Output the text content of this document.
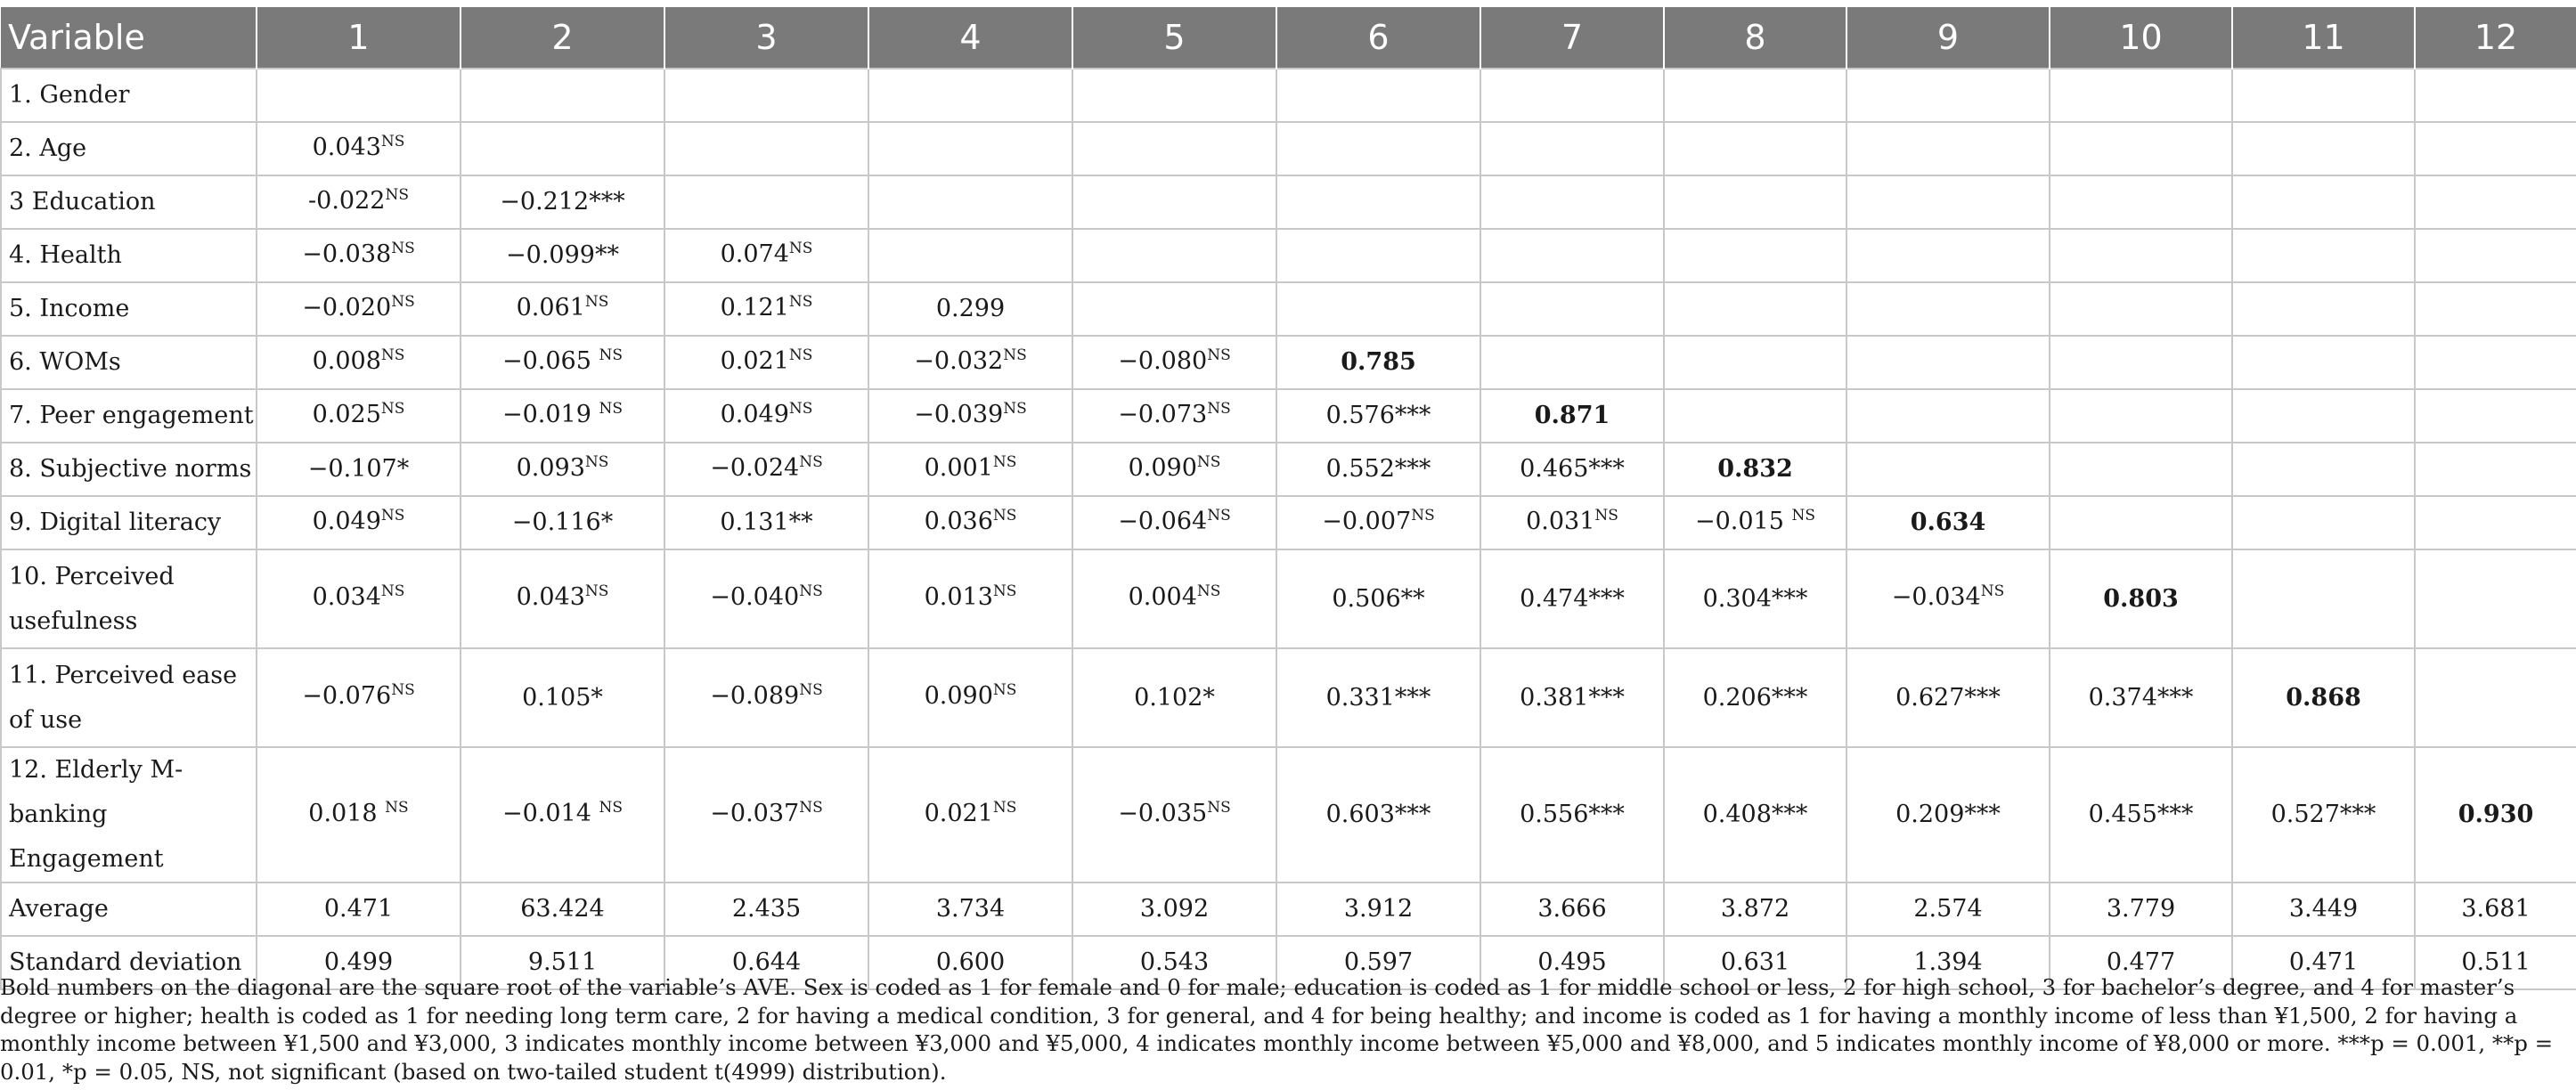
Variable	1	2	3	4	5	6	7	8	9	10	11	12
1. Gender												
2. Age	$0.043^{NS}$											
3 Education	$-0.022^{NS}$	−0.212***										
4. Health	$-0.038^{NS}$	−0.099**	$0.074^{NS}$									
5. Income	$-0.020^{NS}$	$0.061^{NS}$	$0.121^{NS}$	0.299								
6. WOMs	$0.008^{NS}$	−0.065 $^{NS}$	$0.021^{NS}$	$-0.032^{NS}$	$-0.080^{NS}$	0.785						
7. Peer engagement	$0.025^{NS}$	−0.019 $^{NS}$	$0.049^{NS}$	$-0.039^{NS}$	$-0.073^{NS}$	0.576***	0.871					
8. Subjective norms	−0.107*	$0.093^{NS}$	$-0.024^{NS}$	$0.001^{NS}$	$0.090^{NS}$	0.552***	0.465***	0.832				
9. Digital literacy	$0.049^{NS}$	−0.116*	0.131**	$0.036^{NS}$	$-0.064^{NS}$	$-0.007^{NS}$	$0.031^{NS}$	−0.015 $^{NS}$	0.634			
10. Perceived usefulness	$0.034^{NS}$	$0.043^{NS}$	$-0.040^{NS}$	$0.013^{NS}$	$0.004^{NS}$	0.506**	0.474***	0.304***	$-0.034^{NS}$	0.803		
11. Perceived ease of use	$-0.076^{NS}$	0.105*	$-0.089^{NS}$	$0.090^{NS}$	0.102*	0.331***	0.381***	0.206***	0.627***	0.374***	0.868	
12. Elderly M-banking Engagement	0.018 $^{NS}$	−0.014 $^{NS}$	$-0.037^{NS}$	$0.021^{NS}$	$-0.035^{NS}$	0.603***	0.556***	0.408***	0.209***	0.455***	0.527***	0.930
Average	0.471	63.424	2.435	3.734	3.092	3.912	3.666	3.872	2.574	3.779	3.449	3.681
Standard deviation	0.499	9.511	0.644	0.600	0.543	0.597	0.495	0.631	1.394	0.477	0.471	0.511
Bold numbers on the diagonal are the square root of the variable’s AVE. Sex is coded as 1 for female and 0 for male; education is coded as 1 for middle school or less, 2 for high school, 3 for bachelor’s degree, and 4 for master’s degree or higher; health is coded as 1 for needing long term care, 2 for having a medical condition, 3 for general, and 4 for being healthy; and income is coded as 1 for having a monthly income of less than ¥1,500, 2 for having a monthly income between ¥1,500 and ¥3,000, 3 indicates monthly income between ¥3,000 and ¥5,000, 4 indicates monthly income between ¥5,000 and ¥8,000, and 5 indicates monthly income of ¥8,000 or more. ***p = 0.001, **p = 0.01, *p = 0.05, NS, not significant (based on two-tailed student t(4999) distribution).
